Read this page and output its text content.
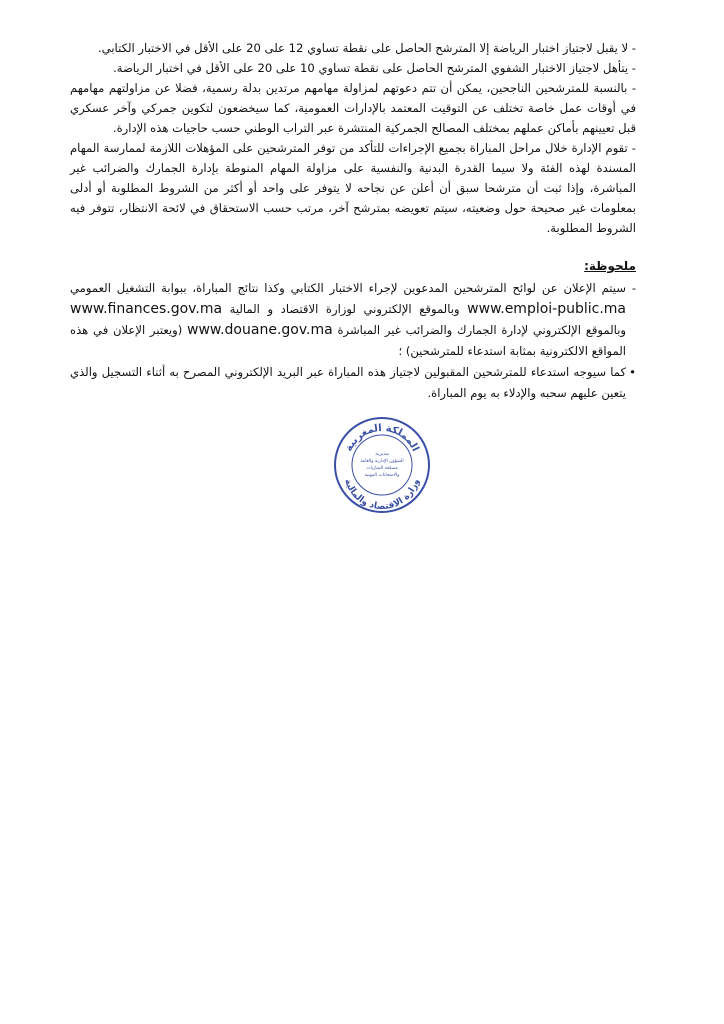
- لا يقبل لاجتياز اختبار الرياضة إلا المترشح الحاصل على نقطة تساوي 12 على 20 على الأقل في الاختبار الكتابي.

- يتأهل لاجتياز الاختبار الشفوي المترشح الحاصل على نقطة تساوي 10 على 20 على الأقل في اختبار الرياضة.

- بالنسبة للمترشحين الناجحين، يمكن أن تتم دعوتهم لمزاولة مهامهم مرتدين بدلة رسمية، فضلا عن مزاولتهم مهامهم في أوقات عمل خاصة تختلف عن التوقيت المعتمد بالإدارات العمومية، كما سيخضعون لتكوين جمركي وآخر عسكري قبل تعيينهم بأماكن عملهم بمختلف المصالح الجمركية المنتشرة عبر التراب الوطني حسب حاجيات هذه الإدارة.

- تقوم الإدارة خلال مراحل المباراة بجميع الإجراءات للتأكد من توفر المترشحين على المؤهلات اللازمة لممارسة المهام المسندة لهذه الفئة ولا سيما القدرة البدنية والنفسية على مزاولة المهام المنوطة بإدارة الجمارك والضرائب غير المباشرة، وإذا ثبت أن مترشحا سبق أن أعلن عن نجاحه لا يتوفر على واحد أو أكثر من الشروط المطلوبة أو أدلى بمعلومات غير صحيحة حول وضعيته، سيتم تعويضه بمترشح آخر، مرتب حسب الاستحقاق في لائحة الانتظار، تتوفر فيه الشروط المطلوبة.

ملحوظة:

-
سيتم الإعلان عن لوائح المترشحين المدعوين لإجراء الاختبار الكتابي وكذا نتائج المباراة، ببوابة التشغيل العمومي www.emploi-public.ma وبالموقع الإلكتروني لوزارة الاقتصاد و المالية www.finances.gov.ma وبالموقع الإلكتروني لإدارة الجمارك والضرائب غير المباشرة www.douane.gov.ma (ويعتبر الإعلان في هذه المواقع الالكترونية بمثابة استدعاء للمترشحين) ؛

•
كما سيوجه استدعاء للمترشحين المقبولين لاجتياز هذه المباراة عبر البريد الإلكتروني المصرح به أثناء التسجيل والذي يتعين عليهم سحبه والإدلاء به يوم المباراة.

المملكة المغربية
وزارة الاقتصاد والمالية
مديرية
الشؤون الإدارية والعامة
مصلحة المباريات
والامتحانات المهنية
